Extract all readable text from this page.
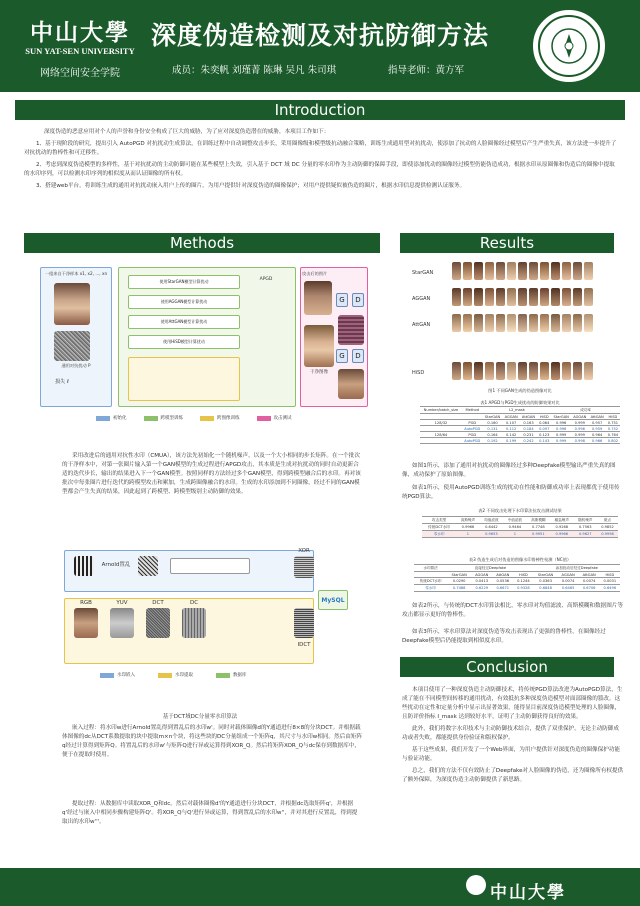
中山大學
SUN YAT-SEN UNIVERSITY
网络空间安全学院
深度伪造检测及对抗防御方法
成员：朱奕帆 刘瑾菁 陈琳 吴凡 朱司琪	指导老师：黄方军
Introduction
深度伪造的恶意应用对个人的声誉和身份安全构成了巨大的威胁，为了应对深度伪造潜在的威胁，本项目工作如下：
1、基于现阶段的研究，提出引入 AutoPGD 对抗扰动生成算法，在训练过程中自动调整攻击步长，采用圈像级和模型级抗动融合策略，训练生成通用型对抗扰动，使添加了抗动的人脸圈像经过模型后产生严重失真，该方法进一步提升了对抗扰动的鲁棒性和可迁移性。
2、考虑到深度伪造模型的多样性，基于对抗扰动的主动防御可能在某些模型上失效，引入基于 DCT 域 DC 分量的零水印作为主动防御的保障手段，即使添加扰动的圈像经过模型仍能伪造成功，根据水印从原圈像和伪造后的圈像中提取的水印序列，可以检测水印序列的相似度从而认证圈像的所有权。
3、搭建web平台，将训练生成的通用对抗扰动嵌入用户上传的圈片，为用户提供针对深度伪造的圈像保护；对用户提供疑似被伪造的圈片，根据水印信息提供检测认证服务。
Methods
一组来自干净样本 x1, x2, ..., xn
通用对抗扰动 P
损失 ℓ
使用StarGAN模型计算扰动
使用AGGAN模型计算扰动
使用AttGAN模型计算扰动
使用HiSD模型计算扰动
APGD
攻击后的图片
干净图像
G	D
G	D
初始化	跨模型训练	跨图像训练	攻击测试
采用改进后的通用对抗性水印（CMUA），该方法先初始化一个随机噪声，以及一个大小相同的步长矩阵。在一个批次的干净样本中，对第一张圈片输入第一个GAN模型的生成过程进行APGD攻击，其本质是生成对抗扰动的同时自动更新合适的迭代步长，输出的结果进入下一个GAN模型。按照同样的方法经过多个GAN模型，得到跨模型融合后的水印。再对该批次中每张圈片进行迭代的跨模型攻击和累加，生成跨圈像融合的水印。生成的水印添加到不同圈像，经过不同的GAN模型都会产生失真的结果，因此起到了跨模型、跨模型级别主动防御的效果。
Arnold置乱
XOR
RGB	YUV	DCT	DC
IDCT
MySQL
水印嵌入	水印提取	数据库
基于DCT域DC分量零水印算法
嵌入过程：将水印w进行Arnold置乱得到置乱后的水印w'。同时对载体圈像d的Y通道进行8×8的分块DCT。并根据载体图像的dc从DCT系数提取的块中提取m×n个块，将这些块的DC分量组成一个矩阵q，其尺寸与水印w相同。然后由矩阵q经过计算得到矩阵Q。将置乱后的水印w'与矩阵Q进行异或运算得到XOR_Q。然后将矩阵XOR_Q与dc保存到数据库中，便于在提取时使用。
提取过程：从数据库中读取XOR_Q和dc。然后对载体圈像d'的Y通道进行分块DCT，并根据dc选取矩阵q'，并根据q'经过与嵌入中相同步骤构建矩阵Q'。将XOR_Q与Q'进行异或运算，得到置乱后的水印w''，并对其进行反置乱，得到提取出的水印w'''。
Results
StarGAN
AGGAN
AttGAN
HiSD
图1 不同GAN生成的伪造图像对比
表1 APGD与PGD生成扰动的防御效果对比
Number/batch_size	Method	L2_mask				成功率			
		StarGAN	AGGAN	AttGAN	HiSD	StarGAN	AGGAN	AttGAN	HiSD
128/32	PGD	0.160	0.107	0.163	0.064	0.996	0.999	0.957	0.751
	AutoPGD	0.131	0.112	0.184	0.097	0.996	0.996	0.959	0.752
128/64	PGD	0.164	0.142	0.231	0.123	0.999	0.999	0.964	0.764
	AutoPGD	0.192	0.199	0.242	0.143	0.999	0.998	0.966	0.802
如图1所示，添加了通用对抗扰动的圈像经过多种Deepfake模型输出严重失真的图像，成功保护了原始图像。
如表1所示，使用AutoPGD训练生成的扰动在性能和防御成功率上表现都优于使用传统PGD算法。
表2 不同攻击处理下水印算法抗攻击测试结果
攻击类型	高斯噪声	均值滤波	中值滤波	高斯模糊	椒盐噪声	随机噪声	斑点
传统DCT水印	0.9966	0.6442	0.9464	0.7748	0.9268	0.7563	0.9852
零水印	1	0.9653	1	0.9951	0.9966	0.9627	0.9998
表3 伪造生成后对伪造的图像水印鲁棒性检测（NC值）
水印算法	直接经过Deepfake				添加扰动后经过Deepfake			
	StarGAN	AGGAN	AttGAN	HiSD	StarGAN	AGGAN	AttGAN	HiSD
传统DCT水印	0.0290	0.0413	0.0536	0.1244	0.0363	0.0074	0.0074	0.0031
零水印	0.7488	0.6229	0.6671	0.9328	0.6848	0.6465	0.6706	0.6496
如表2所示，与传统的DCT水印算法相比，零水印对均值滤波、高斯模糊和数据图片等攻击都显示更好的鲁棒性。
如表3所示，零水印算法对深度伪造等攻击表现出了更强的鲁棒性，在圈像经过Deepfake模型后仍能提取到相似度水印。
Conclusion
本项目使用了一种深度伪造主动防御技术，将传统PGD算法改进为AutoPGD算法，生成了能在不同模型间转移的通用扰动，有效抵抗多种深度伪造模型对面部圈像的篡改。这些扰动在定性和定量分析中显示出显著效果，能得显目前深度伪造模型处理的人脸圈像，且防评价指标 I_mask 达到较好水平，证明了主动防御获得良好的效果。
此外，我们将数字水印技术与主动防御技术结合，提供了双重保护。无论主动防御成功或者失败，都能提供身份验证和版权保护。
基于这些成果，我们开发了一个Web界面，为用户提供针对深度伪造的圈像保护功能与验证功能。
总之，我们的方法不仅有效防止了Deepfake对人脸圈像的伪造，还为圈像所有权提供了额外保障，为深度伪造主动防御提供了新思路。
中山大學
